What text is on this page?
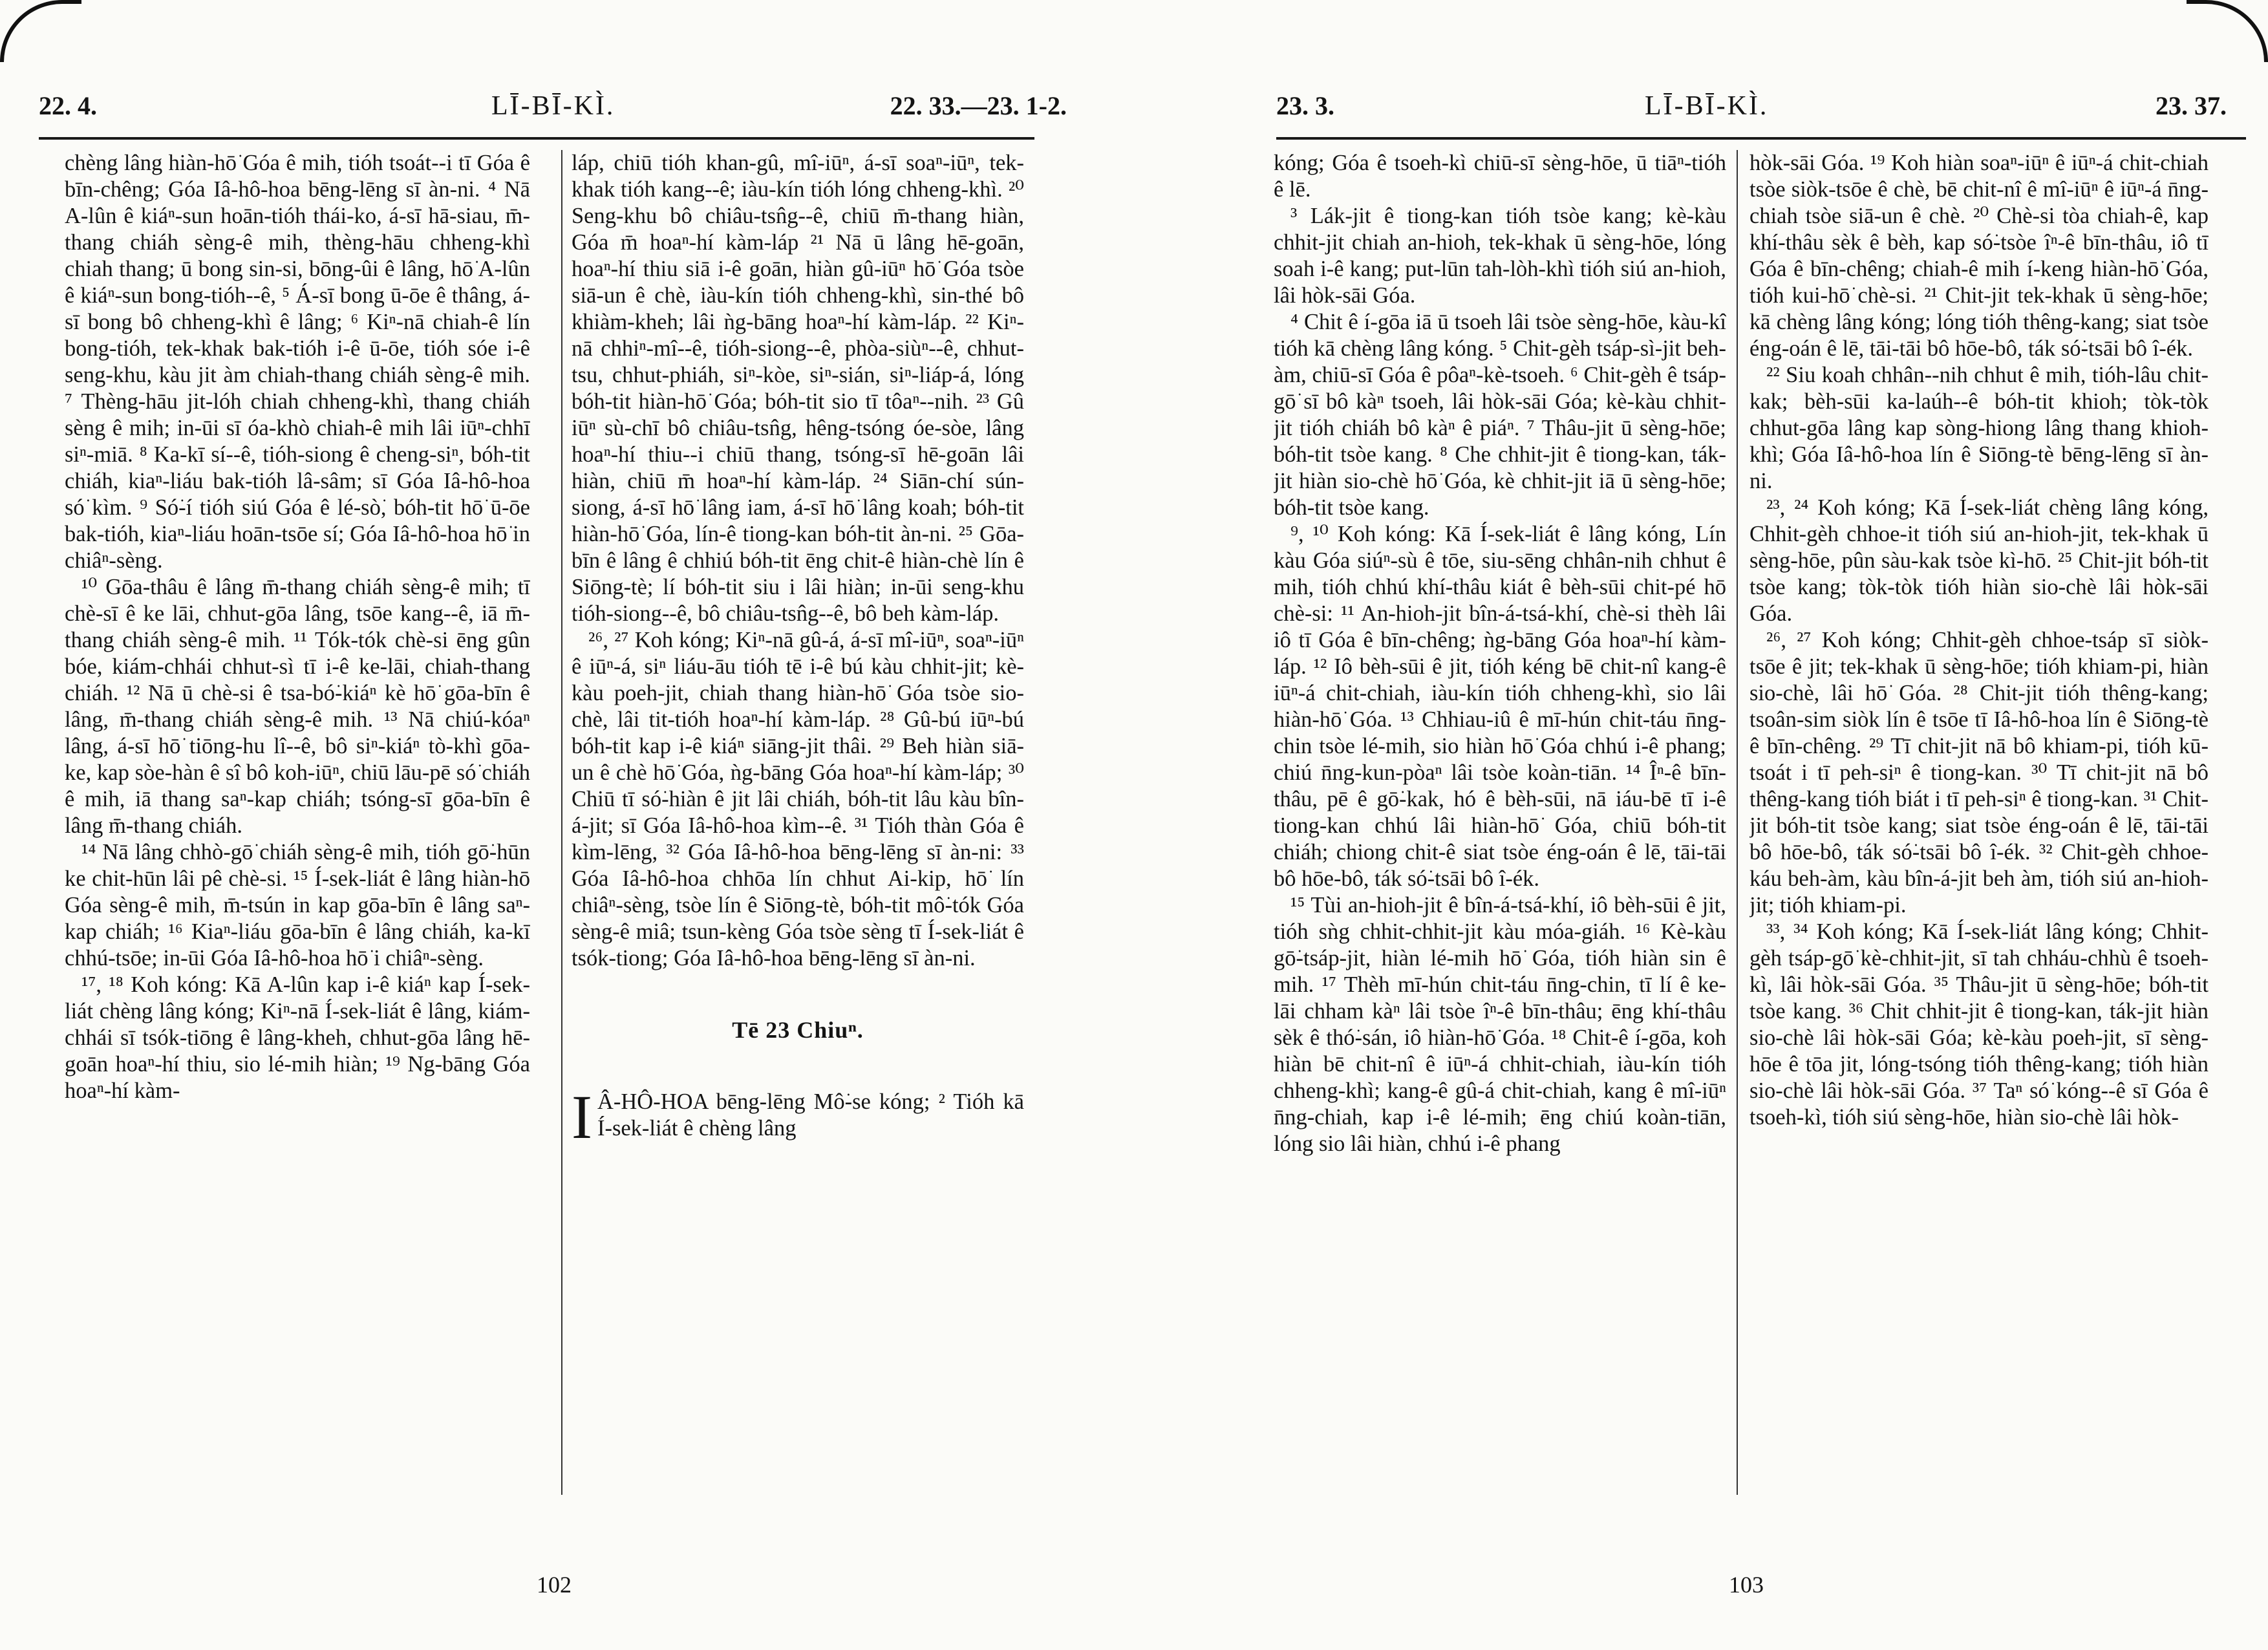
22. 4.	LĪ-BĪ-KÌ.	22. 33.—23. 1-2.

chèng lâng hiàn-hō͘ Góa ê mih, tióh tsoát--i tī Góa ê bīn-chêng; Góa Iâ-hô-hoa bēng-lēng sī àn-ni. ⁴ Nā A-lûn ê kiáⁿ-sun hoān-tióh thái-ko, á-sī hā-siau, m̄-thang chiáh sèng-ê mih, thèng-hāu chheng-khì chiah thang; ū bong sin-si, bōng-ûi ê lâng, hō͘ A-lûn ê kiáⁿ-sun bong-tióh--ê, ⁵ Á-sī bong ū-ōe ê thâng, á-sī bong bô chheng-khì ê lâng; ⁶ Kiⁿ-nā chiah-ê lín bong-tióh, tek-khak bak-tióh i-ê ū-ōe, tióh sóe i-ê seng-khu, kàu jit àm chiah-thang chiáh sèng-ê mih. ⁷ Thèng-hāu jit-lóh chiah chheng-khì, thang chiáh sèng ê mih; in-ūi sī óa-khò chiah-ê mih lâi iūⁿ-chhī siⁿ-miā. ⁸ Ka-kī sí--ê, tióh-siong ê cheng-siⁿ, bóh-tit chiáh, kiaⁿ-liáu bak-tióh lâ-sâm; sī Góa Iâ-hô-hoa só͘ kìm. ⁹ Só͘-í tióh siú Góa ê lé-sò͘, bóh-tit hō͘ ū-ōe bak-tióh, kiaⁿ-liáu hoān-tsōe sí; Góa Iâ-hô-hoa hō͘ in chiâⁿ-sèng.

¹⁰ Gōa-thâu ê lâng m̄-thang chiáh sèng-ê mih; tī chè-sī ê ke lāi, chhut-gōa lâng, tsōe kang--ê, iā m̄-thang chiáh sèng-ê mih. ¹¹ Tók-tók chè-si ēng gûn bóe, kiám-chhái chhut-sì tī i-ê ke-lāi, chiah-thang chiáh. ¹² Nā ū chè-si ê tsa-bó͘-kiáⁿ kè hō͘ gōa-bīn ê lâng, m̄-thang chiáh sèng-ê mih. ¹³ Nā chiú-kóaⁿ lâng, á-sī hō͘ tiōng-hu lî--ê, bô siⁿ-kiáⁿ tò-khì gōa-ke, kap sòe-hàn ê sî bô koh-iūⁿ, chiū lāu-pē só͘ chiáh ê mih, iā thang saⁿ-kap chiáh; tsóng-sī gōa-bīn ê lâng m̄-thang chiáh.

¹⁴ Nā lâng chhò-gō͘ chiáh sèng-ê mih, tióh gō͘-hūn ke chit-hūn lâi pê chè-si. ¹⁵ Í-sek-liát ê lâng hiàn-hō͘ Góa sèng-ê mih, m̄-tsún in kap gōa-bīn ê lâng saⁿ-kap chiáh; ¹⁶ Kiaⁿ-liáu gōa-bīn ê lâng chiáh, ka-kī chhú-tsōe; in-ūi Góa Iâ-hô-hoa hō͘ i chiâⁿ-sèng.

¹⁷, ¹⁸ Koh kóng: Kā A-lûn kap i-ê kiáⁿ kap Í-sek-liát chèng lâng kóng; Kiⁿ-nā Í-sek-liát ê lâng, kiám-chhái sī tsók-tiōng ê lâng-kheh, chhut-gōa lâng hē-goān hoaⁿ-hí thiu, sio lé-mih hiàn; ¹⁹ Ng-bāng Góa hoaⁿ-hí kàm-

láp, chiū tióh khan-gû, mî-iūⁿ, á-sī soaⁿ-iūⁿ, tek-khak tióh kang--ê; iàu-kín tióh lóng chheng-khì. ²⁰ Seng-khu bô chiâu-tsn̂g--ê, chiū m̄-thang hiàn, Góa m̄ hoaⁿ-hí kàm-láp ²¹ Nā ū lâng hē-goān, hoaⁿ-hí thiu siā i-ê goān, hiàn gû-iūⁿ hō͘ Góa tsòe siā-un ê chè, iàu-kín tióh chheng-khì, sin-thé bô khiàm-kheh; lâi ǹg-bāng hoaⁿ-hí kàm-láp. ²² Kiⁿ-nā chhiⁿ-mî--ê, tióh-siong--ê, phòa-siùⁿ--ê, chhut-tsu, chhut-phiáh, siⁿ-kòe, siⁿ-sián, siⁿ-liáp-á, lóng bóh-tit hiàn-hō͘ Góa; bóh-tit sio tī tôaⁿ--nih. ²³ Gû iūⁿ sù-chī bô chiâu-tsn̂g, hêng-tsóng óe-sòe, lâng hoaⁿ-hí thiu--i chiū thang, tsóng-sī hē-goān lâi hiàn, chiū m̄ hoaⁿ-hí kàm-láp. ²⁴ Siān-chí sún-siong, á-sī hō͘ lâng iam, á-sī hō͘ lâng koah; bóh-tit hiàn-hō͘ Góa, lín-ê tiong-kan bóh-tit àn-ni. ²⁵ Gōa-bīn ê lâng ê chhiú bóh-tit ēng chit-ê hiàn-chè lín ê Siōng-tè; lí bóh-tit siu i lâi hiàn; in-ūi seng-khu tióh-siong--ê, bô chiâu-tsn̂g--ê, bô beh kàm-láp.

²⁶, ²⁷ Koh kóng; Kiⁿ-nā gû-á, á-sī mî-iūⁿ, soaⁿ-iūⁿ ê iūⁿ-á, siⁿ liáu-āu tióh tē i-ê bú kàu chhit-jit; kè-kàu poeh-jit, chiah thang hiàn-hō͘ Góa tsòe sio-chè, lâi tit-tióh hoaⁿ-hí kàm-láp. ²⁸ Gû-bú iūⁿ-bú bóh-tit kap i-ê kiáⁿ siāng-jit thâi. ²⁹ Beh hiàn siā-un ê chè hō͘ Góa, ǹg-bāng Góa hoaⁿ-hí kàm-láp; ³⁰ Chiū tī só͘-hiàn ê jit lâi chiáh, bóh-tit lâu kàu bîn-á-jit; sī Góa Iâ-hô-hoa kìm--ê. ³¹ Tióh thàn Góa ê kìm-lēng, ³² Góa Iâ-hô-hoa bēng-lēng sī àn-ni: ³³ Góa Iâ-hô-hoa chhōa lín chhut Ai-kip, hō͘ lín chiâⁿ-sèng, tsòe lín ê Siōng-tè, bóh-tit mô͘-tók Góa sèng-ê miâ; tsun-kèng Góa tsòe sèng tī Í-sek-liát ê tsók-tiong; Góa Iâ-hô-hoa bēng-lēng sī àn-ni.

Tē 23 Chiuⁿ.

I Â-HÔ-HOA bēng-lēng Mô͘-se kóng; ² Tióh kā Í-sek-liát ê chèng lâng

102
23. 3.	LĪ-BĪ-KÌ.	23. 37.

kóng; Góa ê tsoeh-kì chiū-sī sèng-hōe, ū tiāⁿ-tióh ê lē.

³ Lák-jit ê tiong-kan tióh tsòe kang; kè-kàu chhit-jit chiah an-hioh, tek-khak ū sèng-hōe, lóng soah i-ê kang; put-lūn tah-lòh-khì tióh siú an-hioh, lâi hòk-sāi Góa.

⁴ Chit ê í-gōa iā ū tsoeh lâi tsòe sèng-hōe, kàu-kî tióh kā chèng lâng kóng. ⁵ Chit-gèh tsáp-sì-jit beh-àm, chiū-sī Góa ê pôaⁿ-kè-tsoeh. ⁶ Chit-gèh ê tsáp-gō͘ sī bô kàⁿ tsoeh, lâi hòk-sāi Góa; kè-kàu chhit-jit tióh chiáh bô kàⁿ ê piáⁿ. ⁷ Thâu-jit ū sèng-hōe; bóh-tit tsòe kang. ⁸ Che chhit-jit ê tiong-kan, ták-jit hiàn sio-chè hō͘ Góa, kè chhit-jit iā ū sèng-hōe; bóh-tit tsòe kang.

⁹, ¹⁰ Koh kóng: Kā Í-sek-liát ê lâng kóng, Lín kàu Góa siúⁿ-sù ê tōe, siu-sēng chhân-nih chhut ê mih, tióh chhú khí-thâu kiát ê bèh-sūi chit-pé hō͘ chè-si: ¹¹ An-hioh-jit bîn-á-tsá-khí, chè-si thèh lâi iô tī Góa ê bīn-chêng; ǹg-bāng Góa hoaⁿ-hí kàm-láp. ¹² Iô bèh-sūi ê jit, tióh kéng bē chit-nî kang-ê iūⁿ-á chit-chiah, iàu-kín tióh chheng-khì, sio lâi hiàn-hō͘ Góa. ¹³ Chhiau-iû ê mī-hún chit-táu n̄ng-chin tsòe lé-mih, sio hiàn hō͘ Góa chhú i-ê phang; chiú n̄ng-kun-pòaⁿ lâi tsòe koàn-tiān. ¹⁴ Îⁿ-ê bīn-thâu, pē ê gō͘-kak, hó ê bèh-sūi, nā iáu-bē tī i-ê tiong-kan chhú lâi hiàn-hō͘ Góa, chiū bóh-tit chiáh; chiong chit-ê siat tsòe éng-oán ê lē, tāi-tāi bô hōe-bô, ták só͘-tsāi bô î-ék.

¹⁵ Tùi an-hioh-jit ê bîn-á-tsá-khí, iô bèh-sūi ê jit, tióh sǹg chhit-chhit-jit kàu móa-giáh. ¹⁶ Kè-kàu gō͘-tsáp-jit, hiàn lé-mih hō͘ Góa, tióh hiàn sin ê mih. ¹⁷ Thèh mī-hún chit-táu n̄ng-chin, tī lí ê ke-lāi chham kàⁿ lâi tsòe îⁿ-ê bīn-thâu; ēng khí-thâu sèk ê thó͘-sán, iô hiàn-hō͘ Góa. ¹⁸ Chit-ê í-gōa, koh hiàn bē chit-nî ê iūⁿ-á chhit-chiah, iàu-kín tióh chheng-khì; kang-ê gû-á chit-chiah, kang ê mî-iūⁿ n̄ng-chiah, kap i-ê lé-mih; ēng chiú koàn-tiān, lóng sio lâi hiàn, chhú i-ê phang

hòk-sāi Góa. ¹⁹ Koh hiàn soaⁿ-iūⁿ ê iūⁿ-á chit-chiah tsòe siòk-tsōe ê chè, bē chit-nî ê mî-iūⁿ ê iūⁿ-á n̄ng-chiah tsòe siā-un ê chè. ²⁰ Chè-si tòa chiah-ê, kap khí-thâu sèk ê bèh, kap só͘-tsòe îⁿ-ê bīn-thâu, iô tī Góa ê bīn-chêng; chiah-ê mih í-keng hiàn-hō͘ Góa, tióh kui-hō͘ chè-si. ²¹ Chit-jit tek-khak ū sèng-hōe; kā chèng lâng kóng; lóng tióh thêng-kang; siat tsòe éng-oán ê lē, tāi-tāi bô hōe-bô, ták só͘-tsāi bô î-ék.

²² Siu koah chhân--nih chhut ê mih, tióh-lâu chit-kak; bèh-sūi ka-laúh--ê bóh-tit khioh; tòk-tòk chhut-gōa lâng kap sòng-hiong lâng thang khioh-khì; Góa Iâ-hô-hoa lín ê Siōng-tè bēng-lēng sī àn-ni.

²³, ²⁴ Koh kóng; Kā Í-sek-liát chèng lâng kóng, Chhit-gèh chhoe-it tióh siú an-hioh-jit, tek-khak ū sèng-hōe, pûn sàu-kak tsòe kì-hō. ²⁵ Chit-jit bóh-tit tsòe kang; tòk-tòk tióh hiàn sio-chè lâi hòk-sāi Góa.

²⁶, ²⁷ Koh kóng; Chhit-gèh chhoe-tsáp sī siòk-tsōe ê jit; tek-khak ū sèng-hōe; tióh khiam-pi, hiàn sio-chè, lâi hō͘ Góa. ²⁸ Chit-jit tióh thêng-kang; tsoân-sim siòk lín ê tsōe tī Iâ-hô-hoa lín ê Siōng-tè ê bīn-chêng. ²⁹ Tī chit-jit nā bô khiam-pi, tióh kū-tsoát i tī peh-siⁿ ê tiong-kan. ³⁰ Tī chit-jit nā bô thêng-kang tióh biát i tī peh-siⁿ ê tiong-kan. ³¹ Chit-jit bóh-tit tsòe kang; siat tsòe éng-oán ê lē, tāi-tāi bô hōe-bô, ták só͘-tsāi bô î-ék. ³² Chit-gèh chhoe-káu beh-àm, kàu bîn-á-jit beh àm, tióh siú an-hioh-jit; tióh khiam-pi.

³³, ³⁴ Koh kóng; Kā Í-sek-liát lâng kóng; Chhit-gèh tsáp-gō͘ kè-chhit-jit, sī tah chháu-chhù ê tsoeh-kì, lâi hòk-sāi Góa. ³⁵ Thâu-jit ū sèng-hōe; bóh-tit tsòe kang. ³⁶ Chit chhit-jit ê tiong-kan, ták-jit hiàn sio-chè lâi hòk-sāi Góa; kè-kàu poeh-jit, sī sèng-hōe ê tōa jit, lóng-tsóng tióh thêng-kang; tióh hiàn sio-chè lâi hòk-sāi Góa. ³⁷ Taⁿ só͘ kóng--ê sī Góa ê tsoeh-kì, tióh siú sèng-hōe, hiàn sio-chè lâi hòk-

103
